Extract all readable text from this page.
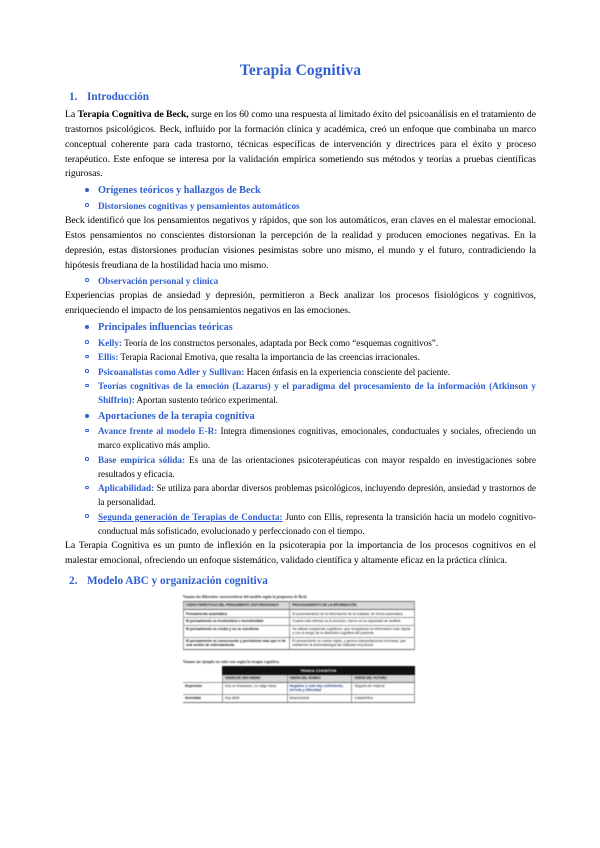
Terapia Cognitiva
1. Introducción

La Terapia Cognitiva de Beck, surge en los 60 como una respuesta al limitado éxito del psicoanálisis en el tratamiento de trastornos psicológicos. Beck, influido por la formación clínica y académica, creó un enfoque que combinaba un marco conceptual coherente para cada trastorno, técnicas específicas de intervención y directrices para el éxito y proceso terapéutico. Este enfoque se interesa por la validación empírica sometiendo sus métodos y teorías a pruebas científicas rigurosas.

Orígenes teóricos y hallazgos de Beck
Distorsiones cognitivas y pensamientos automáticos

Beck identificó que los pensamientos negativos y rápidos, que son los automáticos, eran claves en el malestar emocional. Estos pensamientos no conscientes distorsionan la percepción de la realidad y producen emociones negativas. En la depresión, estas distorsiones producían visiones pesimistas sobre uno mismo, el mundo y el futuro, contradiciendo la hipótesis freudiana de la hostilidad hacía uno mismo.

Observación personal y clínica

Experiencias propias de ansiedad y depresión, permitieron a Beck analizar los procesos fisiológicos y cognitivos, enriqueciendo el impacto de los pensamientos negativos en las emociones.

Principales influencias teóricas
Kelly: Teoría de los constructos personales, adaptada por Beck como “esquemas cognitivos”.
Ellis: Terapia Racional Emotiva, que resalta la importancia de las creencias irracionales.
Psicoanalistas como Adler y Sullivan: Hacen énfasis en la experiencia consciente del paciente.
Teorías cognitivas de la emoción (Lazarus) y el paradigma del procesamiento de la información (Atkinson y Shiffrin): Aportan sustento teórico experimental.
Aportaciones de la terapia cognitiva
Avance frente al modelo E-R: Integra dimensiones cognitivas, emocionales, conductuales y sociales, ofreciendo un marco explicativo más amplio.
Base empírica sólida: Es una de las orientaciones psicoterapéuticas con mayor respaldo en investigaciones sobre resultados y eficacia.
Aplicabilidad: Se utiliza para abordar diversos problemas psicológicos, incluyendo depresión, ansiedad y trastornos de la personalidad.
Segunda generación de Terapias de Conducta: Junto con Ellis, representa la transición hacia un modelo cognitivo-conductual más sofisticado, evolucionado y perfeccionado con el tiempo.

La Terapia Cognitiva es un punto de inflexión en la psicoterapia por la importancia de los procesos cognitivos en el malestar emocional, ofreciendo un enfoque sistemático, validado científica y altamente eficaz en la práctica clínica.

2. Modelo ABC y organización cognitiva
Veamos las diferentes características del modelo según la propuesta de Beck.
CARACTERÍSTICAS DEL PENSAMIENTO DISTORSIONADO	PROCESAMIENTO DE LA INFORMACIÓN
Pensamiento automático	El procesamiento de la información de la realidad, de forma automática
El pensamiento es involuntario e incontrolable	Cuanto más intensa es la emoción, menor es la capacidad de análisis
El pensamiento es creído y no se cuestiona	Se utilizan esquemas cognitivos, que reorganizan la información más rápida y con el sesgo de la distorsión cognitiva del paciente
El pensamiento es consecuente y persistente más que el de una sesión de entrenamiento	El pensamiento se vuelve rígido, y genera interpretaciones erróneas, que mantienen la sintomatología del malestar emocional
Veamos un ejemplo en cada caso según la terapia cognitiva.
	TRIADA COGNITIVA		
	VISIÓN DE UNO MISMO	VISIÓN DEL MUNDO	VISIÓN DEL FUTURO
Depresión	Soy un fracasado, no valgo nada	Negativo y solo hay sufrimiento, derrota y dificultad	Seguirá sin mejorar
Ansiedad	Soy débil	Amenazante	Catastrófico
